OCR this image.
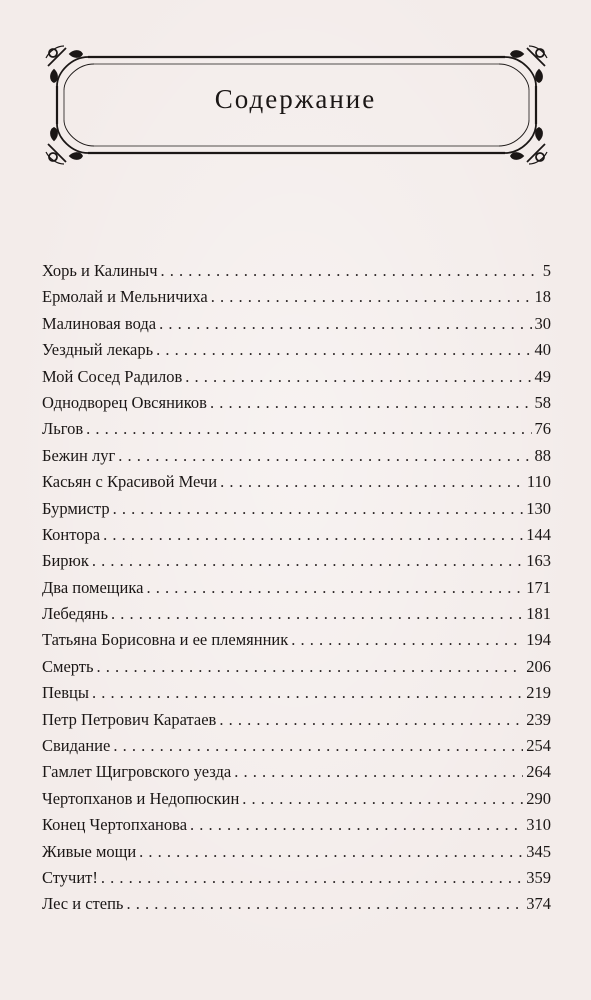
Содержание
Хорь и Калиныч . . .	5
Ермолай и Мельничиха . . .	18
Малиновая вода . . .	30
Уездный лекарь . . .	40
Мой Сосед Радилов . . .	49
Однодворец Овсяников . . .	58
Льгов . . .	76
Бежин луг . . .	88
Касьян с Красивой Мечи . . .	110
Бурмистр . . .	130
Контора . . .	144
Бирюк . . .	163
Два помещика . . .	171
Лебедянь . . .	181
Татьяна Борисовна и ее племянник . . .	194
Смерть . . .	206
Певцы . . .	219
Петр Петрович Каратаев . . .	239
Свидание . . .	254
Гамлет Щигровского уезда . . .	264
Чертопханов и Недопюскин . . .	290
Конец Чертопханова . . .	310
Живые мощи . . .	345
Стучит! . . .	359
Лес и степь . . .	374
